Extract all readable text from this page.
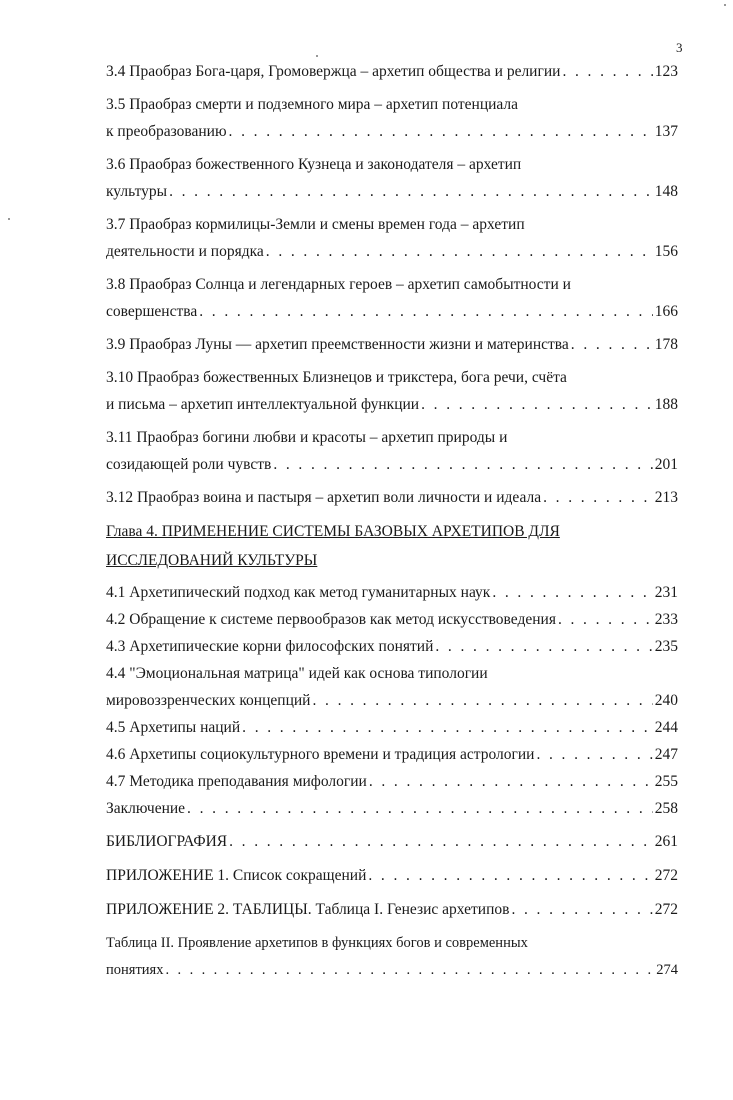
3
3.4 Праобраз Бога-царя, Громовержца – архетип общества и религии . . .	123
3.5 Праобраз смерти и подземного мира – архетип потенциала
к преобразованию . . .	137
3.6 Праобраз божественного Кузнеца и законодателя – архетип
культуры . . .	148
3.7 Праобраз кормилицы-Земли и смены времен года – архетип
деятельности и порядка . . .	156
3.8 Праобраз Солнца и легендарных героев – архетип самобытности и
совершенства . . .	166
3.9 Праобраз Луны — архетип преемственности жизни и материнства . . .	178
3.10 Праобраз божественных Близнецов и трикстера, бога речи, счёта
и письма – архетип интеллектуальной функции . . .	188
3.11 Праобраз богини любви и красоты – архетип природы и
созидающей роли чувств . . .	201
3.12 Праобраз воина и пастыря – архетип воли личности и идеала . . .	213
Глава 4. ПРИМЕНЕНИЕ СИСТЕМЫ БАЗОВЫХ АРХЕТИПОВ ДЛЯ
ИССЛЕДОВАНИЙ КУЛЬТУРЫ
4.1 Архетипический подход как метод гуманитарных наук . . .	231
4.2 Обращение к системе первообразов как метод искусствоведения . . .	233
4.3 Архетипические корни философских понятий . . .	235
4.4 "Эмоциональная матрица" идей как основа типологии
мировоззренческих концепций . . .	240
4.5 Архетипы наций . . .	244
4.6 Архетипы социокультурного времени и традиция астрологии . . .	247
4.7 Методика преподавания мифологии . . .	255
Заключение . . .	258
БИБЛИОГРАФИЯ . . .	261
ПРИЛОЖЕНИЕ 1. Список сокращений . . .	272
ПРИЛОЖЕНИЕ 2. ТАБЛИЦЫ. Таблица I. Генезис архетипов . . .	272
Таблица II. Проявление архетипов в функциях богов и современных
понятиях . . .	274
